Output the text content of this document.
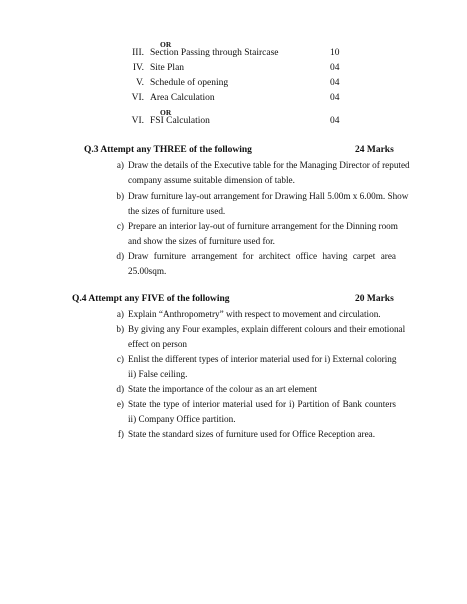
OR
III. Section Passing through Staircase	10
IV. Site Plan	04
V. Schedule of opening	04
VI. Area Calculation	04
OR
VI. FSI Calculation	04
Q.3 Attempt any THREE of the following	24 Marks
a) Draw the details of the Executive table for the Managing Director of reputed
company assume suitable dimension of table.
b) Draw furniture lay-out arrangement for Drawing Hall 5.00m x 6.00m. Show
the sizes of furniture used.
c) Prepare an interior lay-out of furniture arrangement for the Dinning room
and show the sizes of furniture used for.
d) Draw furniture arrangement for architect office having carpet area
25.00sqm.
Q.4 Attempt any FIVE of the following	20 Marks
a) Explain “Anthropometry” with respect to movement and circulation.
b) By giving any Four examples, explain different colours and their emotional
effect on person
c) Enlist the different types of interior material used for i) External coloring
ii) False ceiling.
d) State the importance of the colour as an art element
e) State the type of interior material used for i) Partition of Bank counters
ii) Company Office partition.
f) State the standard sizes of furniture used for Office Reception area.
